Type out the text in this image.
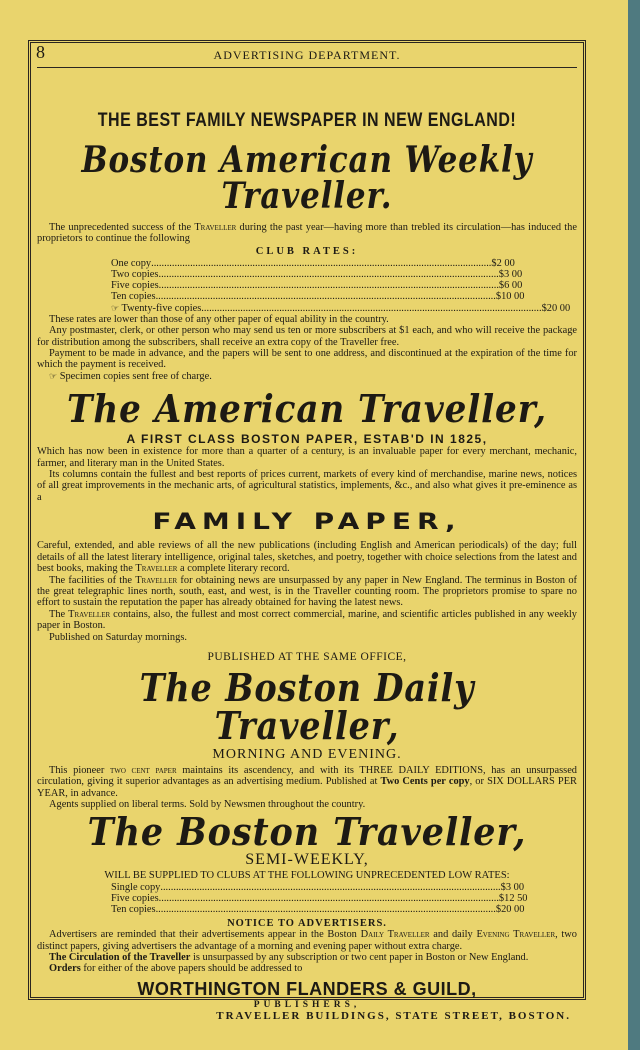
8	ADVERTISING DEPARTMENT.
THE BEST FAMILY NEWSPAPER IN NEW ENGLAND!
Boston American Weekly Traveller.

The unprecedented success of the Traveller during the past year—having more than trebled its circulation—has induced the proprietors to continue the following

CLUB RATES:
One copy .....	$2 00
Two copies .....	$3 00
Five copies .....	$6 00
Ten copies .....	$10 00
☞ Twenty-five copies .....	$20 00

These rates are lower than those of any other paper of equal ability in the country.

Any postmaster, clerk, or other person who may send us ten or more subscribers at $1 each, and who will receive the package for distribution among the subscribers, shall receive an extra copy of the Traveller free.

Payment to be made in advance, and the papers will be sent to one address, and discontinued at the expiration of the time for which the payment is received.

☞ Specimen copies sent free of charge.

The American Traveller,
A FIRST CLASS BOSTON PAPER, ESTAB'D IN 1825,

Which has now been in existence for more than a quarter of a century, is an invaluable paper for every merchant, mechanic, farmer, and literary man in the United States.

Its columns contain the fullest and best reports of prices current, markets of every kind of merchandise, marine news, notices of all great improvements in the mechanic arts, of agricultural statistics, implements, &c., and also what gives it pre-eminence as a

FAMILY PAPER,

Careful, extended, and able reviews of all the new publications (including English and American periodicals) of the day; full details of all the latest literary intelligence, original tales, sketches, and poetry, together with choice selections from the latest and best books, making the Traveller a complete literary record.

The facilities of the Traveller for obtaining news are unsurpassed by any paper in New England. The terminus in Boston of the great telegraphic lines north, south, east, and west, is in the Traveller counting room. The proprietors promise to spare no effort to sustain the reputation the paper has already obtained for having the latest news.

The Traveller contains, also, the fullest and most correct commercial, marine, and scientific articles published in any weekly paper in Boston.

Published on Saturday mornings.

PUBLISHED AT THE SAME OFFICE,
The Boston Daily Traveller,
MORNING AND EVENING.

This pioneer two cent paper maintains its ascendency, and with its THREE DAILY EDITIONS, has an unsurpassed circulation, giving it superior advantages as an advertising medium. Published at Two Cents per copy, or SIX DOLLARS PER YEAR, in advance.

Agents supplied on liberal terms. Sold by Newsmen throughout the country.

The Boston Traveller,
SEMI-WEEKLY,
WILL BE SUPPLIED TO CLUBS AT THE FOLLOWING UNPRECEDENTED LOW RATES:
Single copy .....	$3 00
Five copies .....	$12 50
Ten copies .....	$20 00
NOTICE TO ADVERTISERS.

Advertisers are reminded that their advertisements appear in the Boston Daily Traveller and daily Evening Traveller, two distinct papers, giving advertisers the advantage of a morning and evening paper without extra charge.

The Circulation of the Traveller is unsurpassed by any subscription or two cent paper in Boston or New England.

Orders for either of the above papers should be addressed to

WORTHINGTON FLANDERS & GUILD,
PUBLISHERS,
TRAVELLER BUILDINGS, STATE STREET, BOSTON.
